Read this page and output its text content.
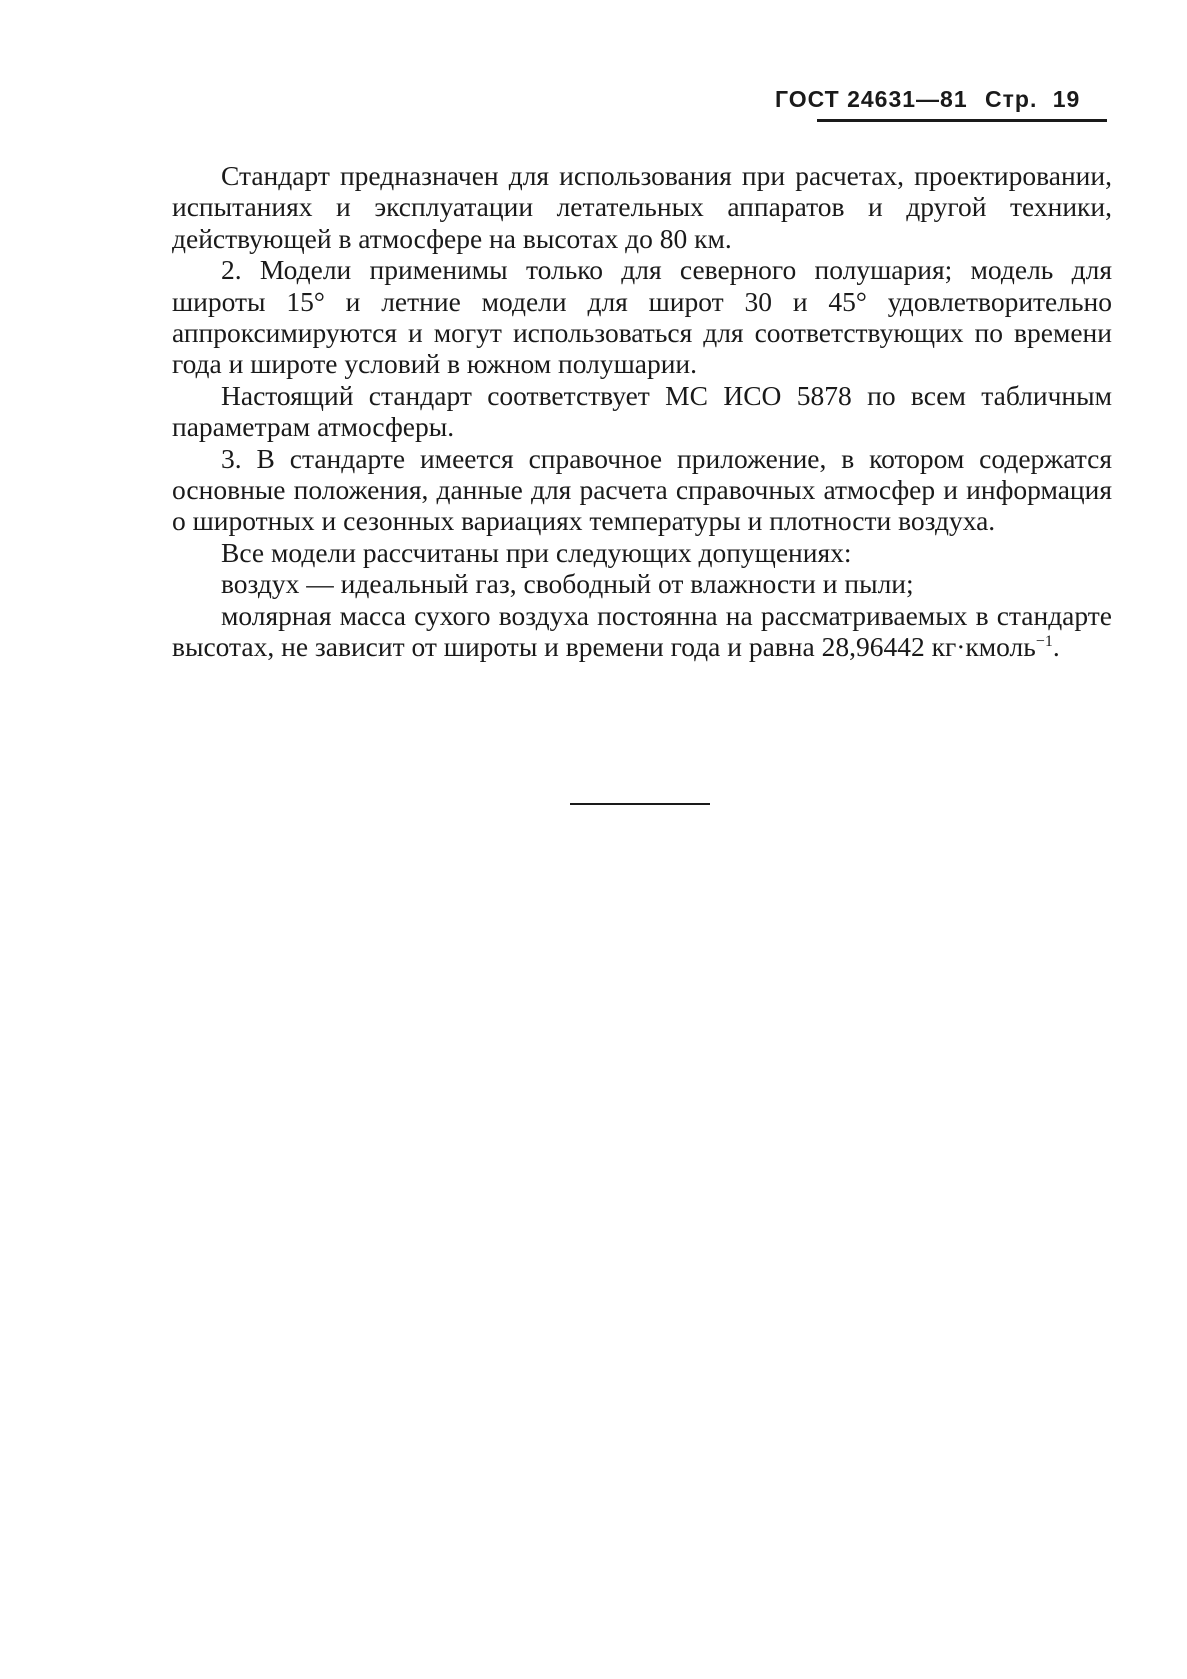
ГОСТ 24631—81 Стр. 19

Стандарт предназначен для использования при расчетах, проектировании, испытаниях и эксплуатации летательных аппаратов и другой техники, действующей в атмосфере на высотах до 80 км.

2. Модели применимы только для северного полушария; модель для широты 15° и летние модели для широт 30 и 45° удовлетворительно аппроксимируются и могут использоваться для соответствующих по времени года и широте условий в южном полушарии.

Настоящий стандарт соответствует МС ИСО 5878 по всем табличным параметрам атмосферы.

3. В стандарте имеется справочное приложение, в котором содержатся основные положения, данные для расчета справочных атмосфер и информация о широтных и сезонных вариациях температуры и плотности воздуха.

Все модели рассчитаны при следующих допущениях:

воздух — идеальный газ, свободный от влажности и пыли;

молярная масса сухого воздуха постоянна на рассматриваемых в стандарте высотах, не зависит от широты и времени года и равна 28,96442 кг·кмоль$^{-1}$.
